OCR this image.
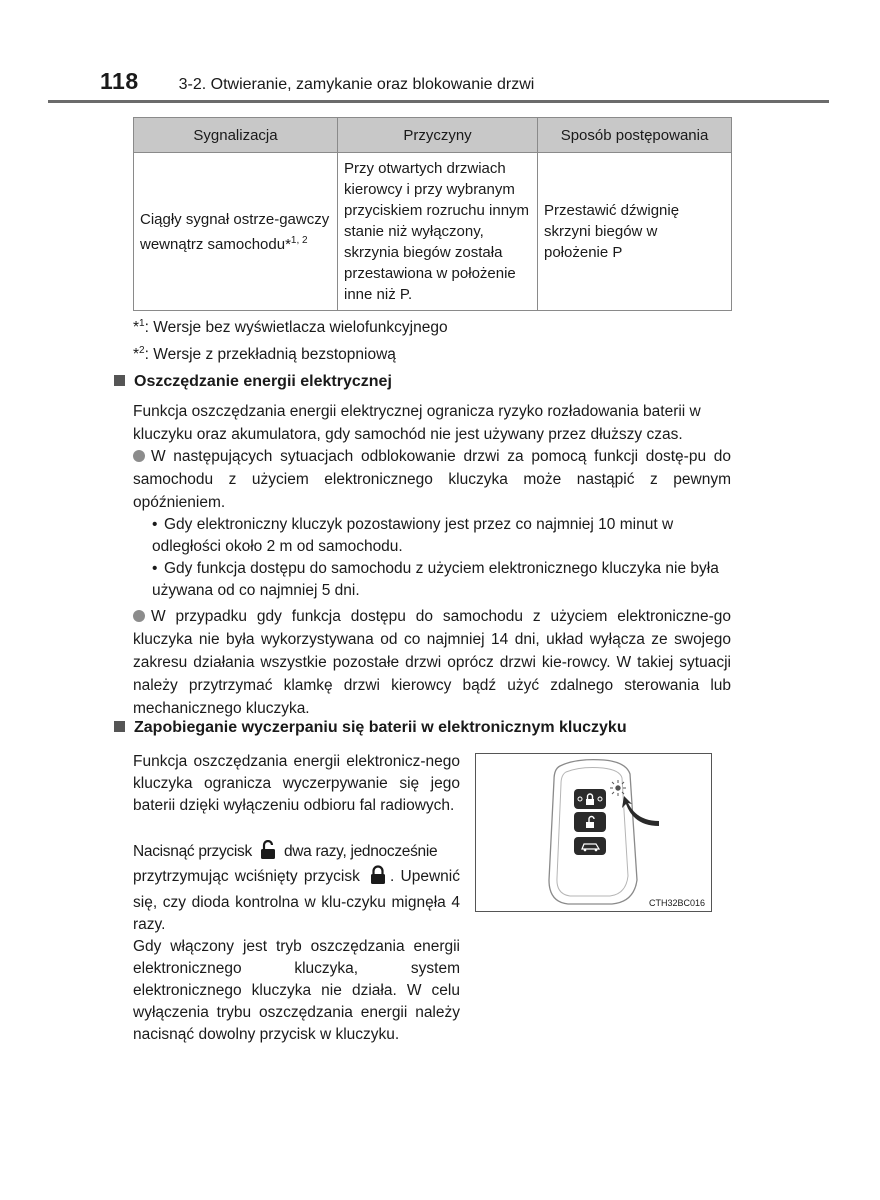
118	3-2. Otwieranie, zamykanie oraz blokowanie drzwi
Sygnalizacja	Przyczyny	Sposób postępowania
Ciągły sygnał ostrze-gawczy wewnątrz samochodu*$^{1, 2}$	Przy otwartych drzwiach kierowcy i przy wybranym przyciskiem rozruchu innym stanie niż wyłączony, skrzynia biegów została przestawiona w położenie inne niż P.	Przestawić dźwignię skrzyni biegów w położenie P
*$^1$: Wersje bez wyświetlacza wielofunkcyjnego
*$^2$: Wersje z przekładnią bezstopniową
Oszczędzanie energii elektrycznej
Funkcja oszczędzania energii elektrycznej ogranicza ryzyko rozładowania baterii w kluczyku oraz akumulatora, gdy samochód nie jest używany przez dłuższy czas.
W następujących sytuacjach odblokowanie drzwi za pomocą funkcji dostę-pu do samochodu z użyciem elektronicznego kluczyka może nastąpić z pewnym opóźnieniem.
• Gdy elektroniczny kluczyk pozostawiony jest przez co najmniej 10 minut w odległości około 2 m od samochodu.
• Gdy funkcja dostępu do samochodu z użyciem elektronicznego kluczyka nie była używana od co najmniej 5 dni.
W przypadku gdy funkcja dostępu do samochodu z użyciem elektroniczne-go kluczyka nie była wykorzystywana od co najmniej 14 dni, układ wyłącza ze swojego zakresu działania wszystkie pozostałe drzwi oprócz drzwi kie-rowcy. W takiej sytuacji należy przytrzymać klamkę drzwi kierowcy bądź użyć zdalnego sterowania lub mechanicznego kluczyka.
Zapobieganie wyczerpaniu się baterii w elektronicznym kluczyku
Funkcja oszczędzania energii elektronicz-nego kluczyka ogranicza wyczerpywanie się jego baterii dzięki wyłączeniu odbioru fal radiowych.
Nacisnąć przycisk dwa razy, jednocześnie
przytrzymując wciśnięty przycisk . Upewnić się, czy dioda kontrolna w klu-czyku mignęła 4 razy.
Gdy włączony jest tryb oszczędzania energii elektronicznego kluczyka, system elektronicznego kluczyka nie działa. W celu wyłączenia trybu oszczędzania energii należy nacisnąć dowolny przycisk w kluczyku.
CTH32BC016
